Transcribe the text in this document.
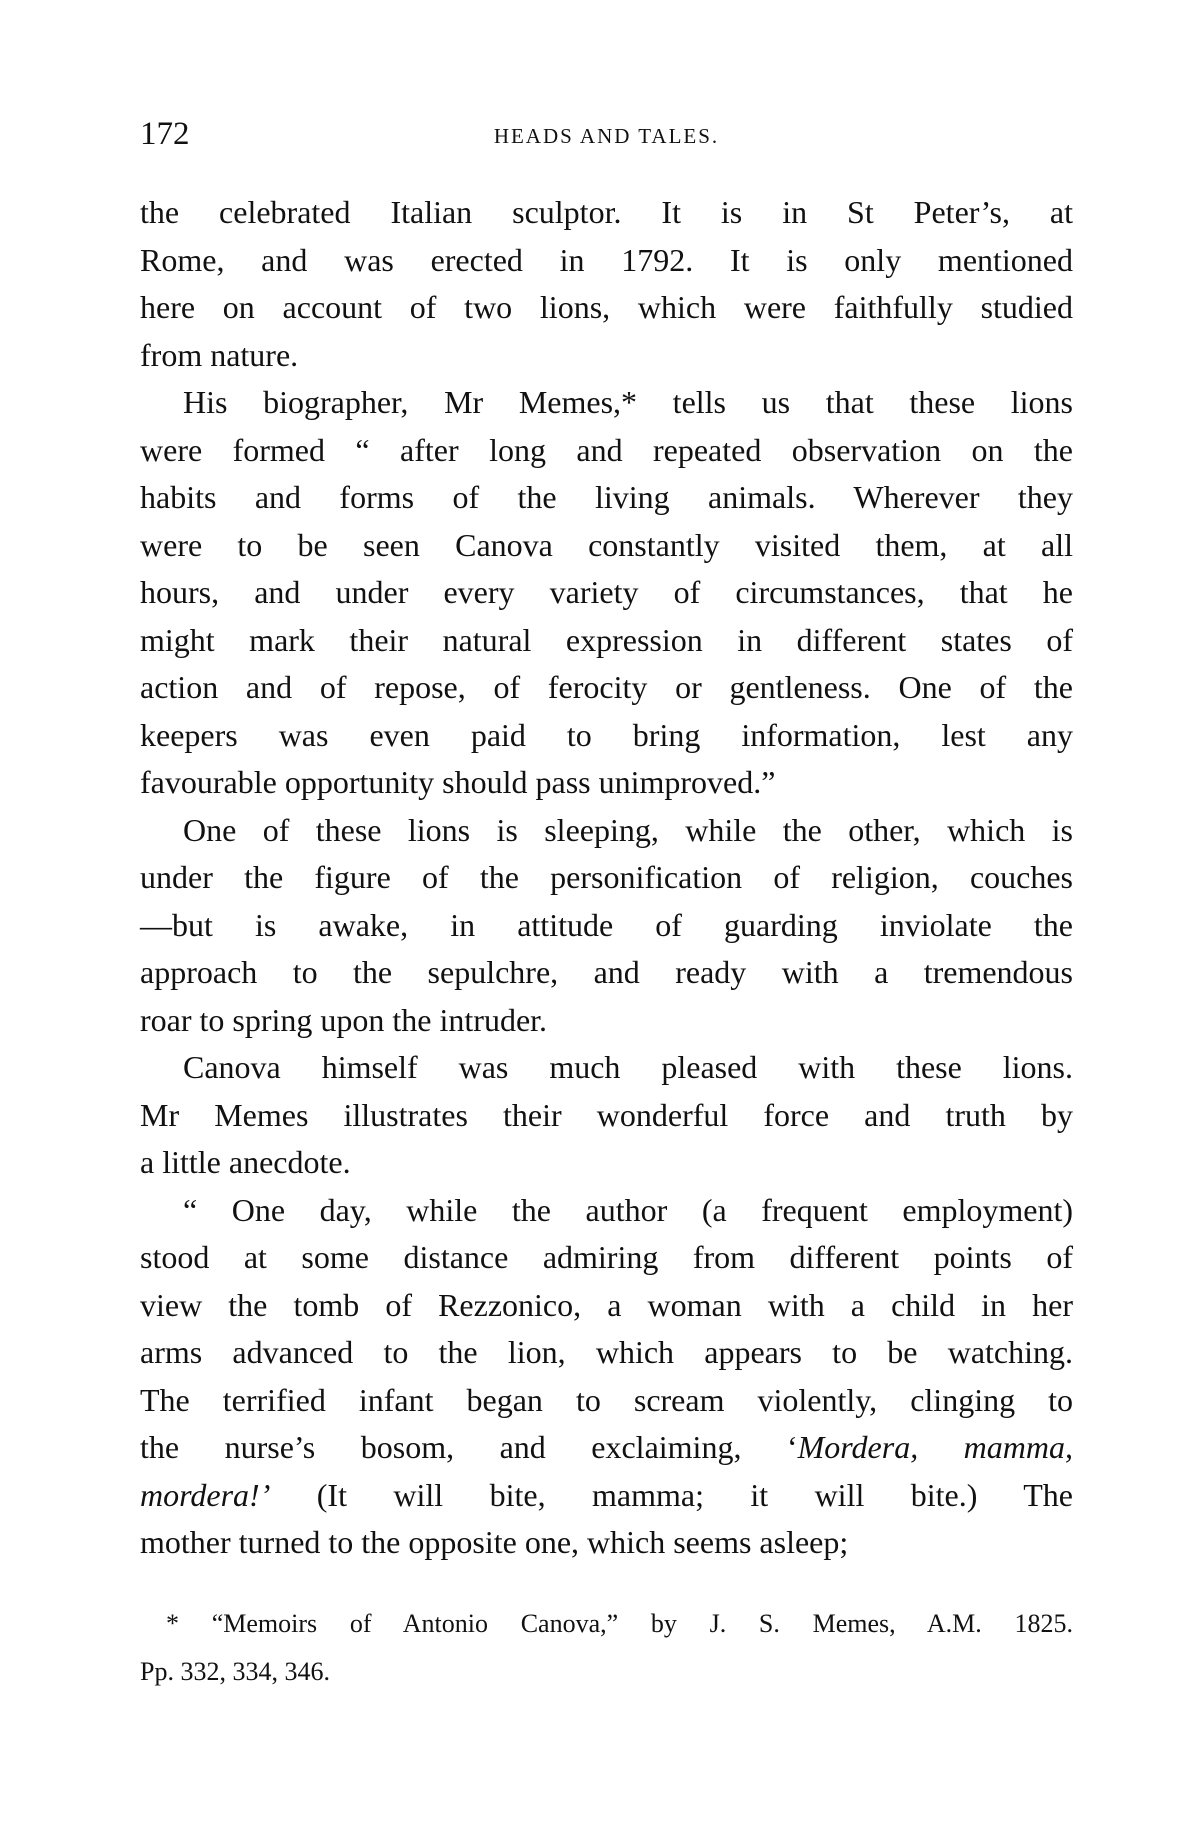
172	HEADS AND TALES.
the celebrated Italian sculptor. It is in St Peter’s, at
Rome, and was erected in 1792. It is only mentioned
here on account of two lions, which were faithfully studied
from nature.
His biographer, Mr Memes,* tells us that these lions
were formed “ after long and repeated observation on the
habits and forms of the living animals. Wherever they
were to be seen Canova constantly visited them, at all
hours, and under every variety of circumstances, that he
might mark their natural expression in different states of
action and of repose, of ferocity or gentleness. One of the
keepers was even paid to bring information, lest any
favourable opportunity should pass unimproved.”
One of these lions is sleeping, while the other, which is
under the figure of the personification of religion, couches
—but is awake, in attitude of guarding inviolate the
approach to the sepulchre, and ready with a tremendous
roar to spring upon the intruder.
Canova himself was much pleased with these lions.
Mr Memes illustrates their wonderful force and truth by
a little anecdote.
“ One day, while the author (a frequent employment)
stood at some distance admiring from different points of
view the tomb of Rezzonico, a woman with a child in her
arms advanced to the lion, which appears to be watching.
The terrified infant began to scream violently, clinging to
the nurse’s bosom, and exclaiming, ‘Mordera, mamma,
mordera!’ (It will bite, mamma; it will bite.) The
mother turned to the opposite one, which seems asleep;
* “Memoirs of Antonio Canova,” by J. S. Memes, A.M. 1825.
Pp. 332, 334, 346.
